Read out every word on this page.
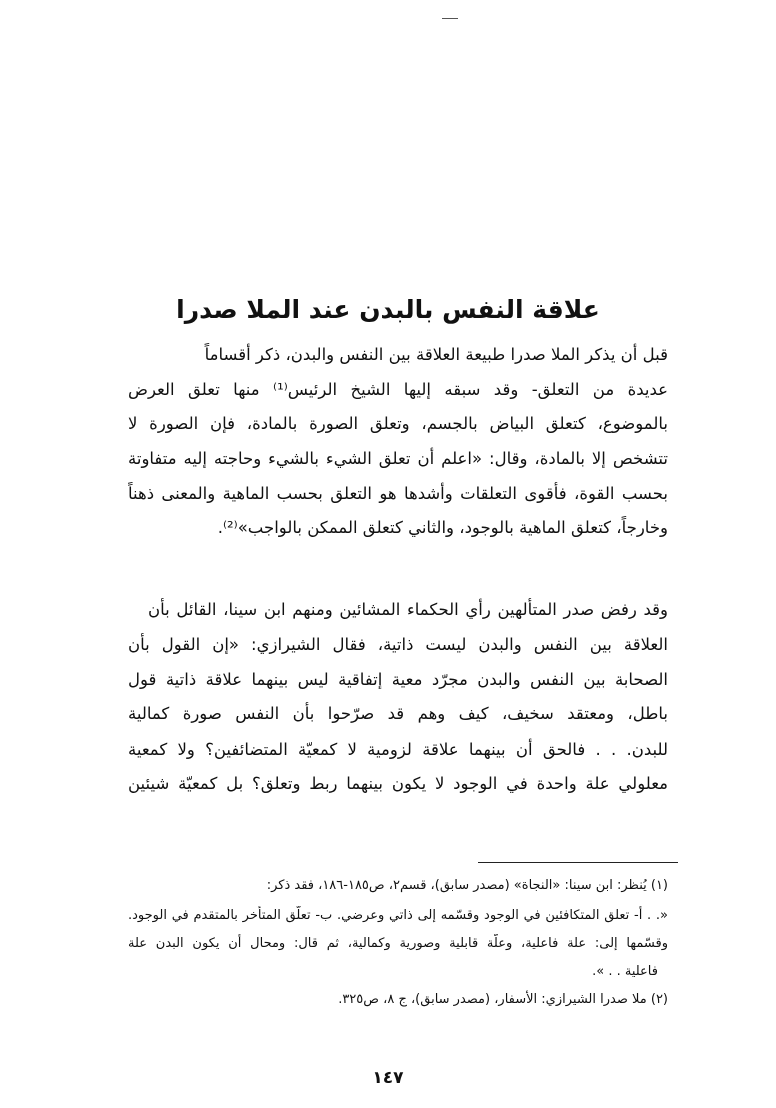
علاقة النفس بالبدن عند الملا صدرا
قبل أن يذكر الملا صدرا طبيعة العلاقة بين النفس والبدن، ذكر أقساماً
عديدة من التعلق- وقد سبقه إليها الشيخ الرئيس⁽¹⁾ منها تعلق العرض
بالموضوع، كتعلق البياض بالجسم، وتعلق الصورة بالمادة، فإن الصورة لا
تتشخص إلا بالمادة، وقال: «اعلم أن تعلق الشيء بالشيء وحاجته إليه متفاوتة
بحسب القوة، فأقوى التعلقات وأشدها هو التعلق بحسب الماهية والمعنى ذهناً
وخارجاً، كتعلق الماهية بالوجود، والثاني كتعلق الممكن بالواجب»⁽²⁾.
وقد رفض صدر المتألهين رأي الحكماء المشائين ومنهم ابن سينا، القائل بأن
العلاقة بين النفس والبدن ليست ذاتية، فقال الشيرازي: «إن القول بأن
الصحابة بين النفس والبدن مجرّد معية إتفاقية ليس بينهما علاقة ذاتية قول
باطل، ومعتقد سخيف، كيف وهم قد صرّحوا بأن النفس صورة كمالية
للبدن. . . فالحق أن بينهما علاقة لزومية لا كمعيّة المتضائفين؟ ولا كمعية
معلولي علة واحدة في الوجود لا يكون بينهما ربط وتعلق؟ بل كمعيّة شيئين
(١) يُنظر: ابن سينا: «النجاة» (مصدر سابق)، قسم٢، ص١٨٥-١٨٦، فقد ذكر:
«. . أ- تعلق المتكافئين في الوجود وقسّمه إلى ذاتي وعرضي. ب- تعلّق المتأخر بالمتقدم في الوجود.
وقسّمها إلى: علة فاعلية، وعلّة قابلية وصورية وكمالية، ثم قال: ومحال أن يكون البدن علة
فاعلية . . ».
(٢) ملا صدرا الشيرازي: الأسفار، (مصدر سابق)، ج ٨، ص٣٢٥.
١٤٧
